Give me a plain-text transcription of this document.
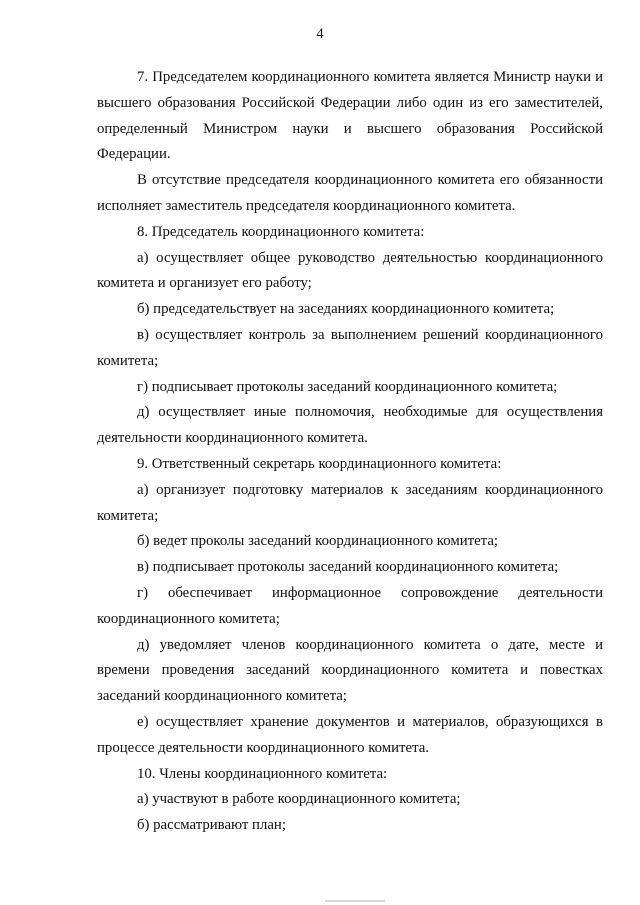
4

7. Председателем координационного комитета является Министр науки и высшего образования Российской Федерации либо один из его заместителей, определенный Министром науки и высшего образования Российской Федерации.

В отсутствие председателя координационного комитета его обязанности исполняет заместитель председателя координационного комитета.

8. Председатель координационного комитета:

а) осуществляет общее руководство деятельностью координационного комитета и организует его работу;

б) председательствует на заседаниях координационного комитета;

в) осуществляет контроль за выполнением решений координационного комитета;

г) подписывает протоколы заседаний координационного комитета;

д) осуществляет иные полномочия, необходимые для осуществления деятельности координационного комитета.

9. Ответственный секретарь координационного комитета:

а) организует подготовку материалов к заседаниям координационного комитета;

б) ведет проколы заседаний координационного комитета;

в) подписывает протоколы заседаний координационного комитета;

г) обеспечивает информационное сопровождение деятельности координационного комитета;

д) уведомляет членов координационного комитета о дате, месте и времени проведения заседаний координационного комитета и повестках заседаний координационного комитета;

е) осуществляет хранение документов и материалов, образующихся в процессе деятельности координационного комитета.

10. Члены координационного комитета:

а) участвуют в работе координационного комитета;

б) рассматривают план;
